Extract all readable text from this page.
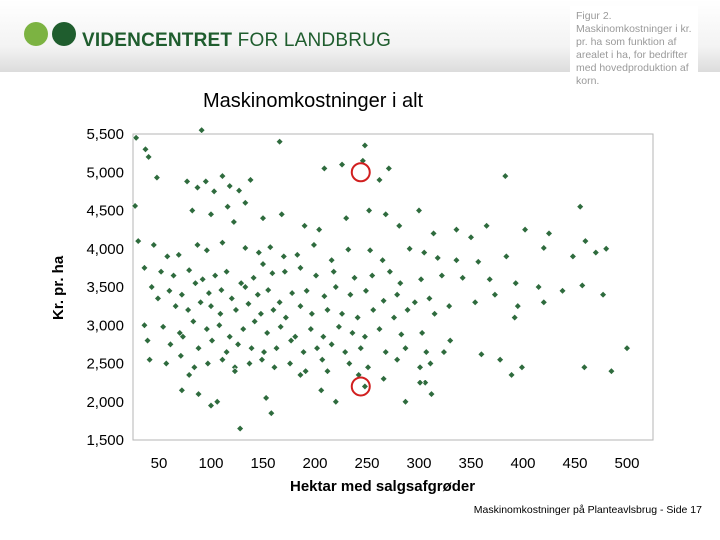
VIDENCENTRET FOR LANDBRUG
Figur 2. Maskinomkostninger i kr. pr. ha som funktion af arealet i ha, for bedrifter med hovedproduktion af korn.
Maskinomkostninger i alt
Kr. pr. ha
Hektar med salgsafgrøder
1,500
2,000
2,500
3,000
3,500
4,000
4,500
5,000
5,500
50 100 150 200 250 300 350 400 450 500
Maskinomkostninger på Planteavlsbrug - Side 17
